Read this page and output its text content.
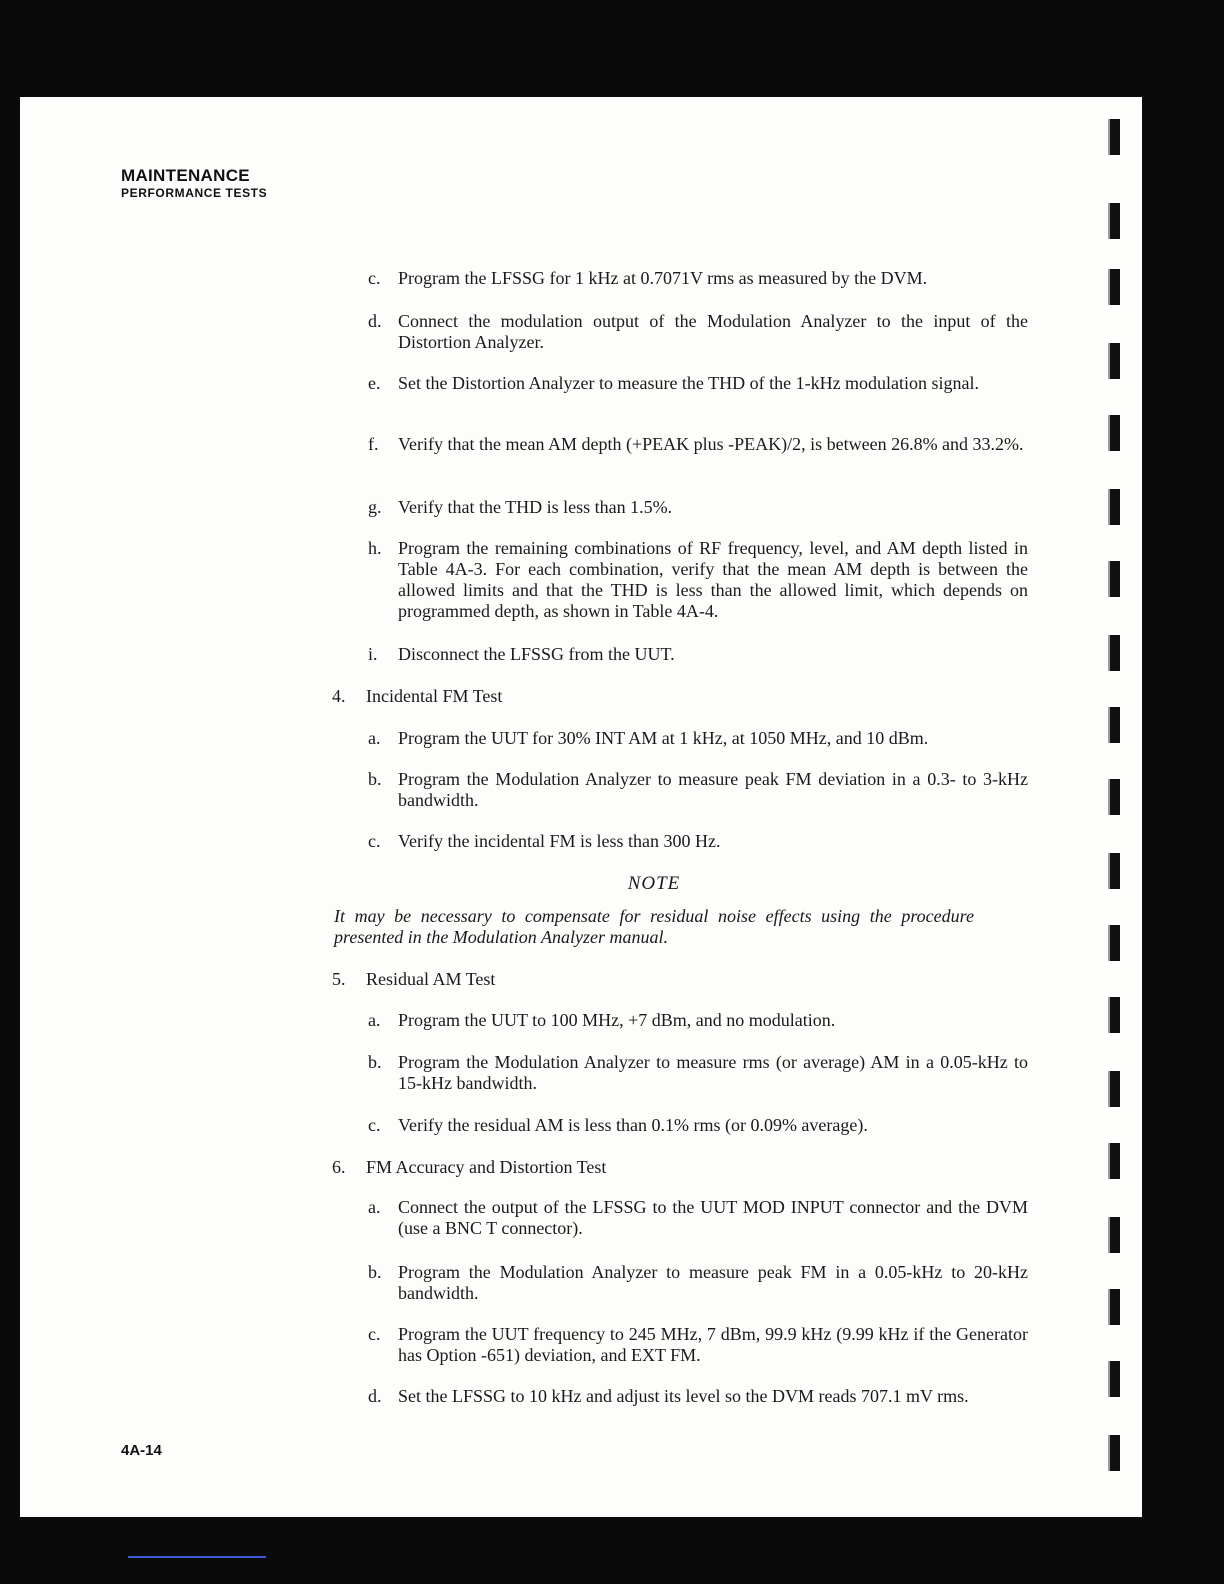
MAINTENANCE
PERFORMANCE TESTS
c. Program the LFSSG for 1 kHz at 0.7071V rms as measured by the DVM.
d. Connect the modulation output of the Modulation Analyzer to the input of the Distortion Analyzer.
e. Set the Distortion Analyzer to measure the THD of the 1-kHz modulation signal.
f. Verify that the mean AM depth (+PEAK plus -PEAK)/2, is between 26.8% and 33.2%.
g. Verify that the THD is less than 1.5%.
h. Program the remaining combinations of RF frequency, level, and AM depth listed in Table 4A-3. For each combination, verify that the mean AM depth is between the allowed limits and that the THD is less than the allowed limit, which depends on programmed depth, as shown in Table 4A-4.
i. Disconnect the LFSSG from the UUT.
4. Incidental FM Test
a. Program the UUT for 30% INT AM at 1 kHz, at 1050 MHz, and 10 dBm.
b. Program the Modulation Analyzer to measure peak FM deviation in a 0.3- to 3-kHz bandwidth.
c. Verify the incidental FM is less than 300 Hz.
NOTE
It may be necessary to compensate for residual noise effects using the procedure presented in the Modulation Analyzer manual.
5. Residual AM Test
a. Program the UUT to 100 MHz, +7 dBm, and no modulation.
b. Program the Modulation Analyzer to measure rms (or average) AM in a 0.05-kHz to 15-kHz bandwidth.
c. Verify the residual AM is less than 0.1% rms (or 0.09% average).
6. FM Accuracy and Distortion Test
a. Connect the output of the LFSSG to the UUT MOD INPUT connector and the DVM (use a BNC T connector).
b. Program the Modulation Analyzer to measure peak FM in a 0.05-kHz to 20-kHz bandwidth.
c. Program the UUT frequency to 245 MHz, 7 dBm, 99.9 kHz (9.99 kHz if the Generator has Option -651) deviation, and EXT FM.
d. Set the LFSSG to 10 kHz and adjust its level so the DVM reads 707.1 mV rms.
4A-14
